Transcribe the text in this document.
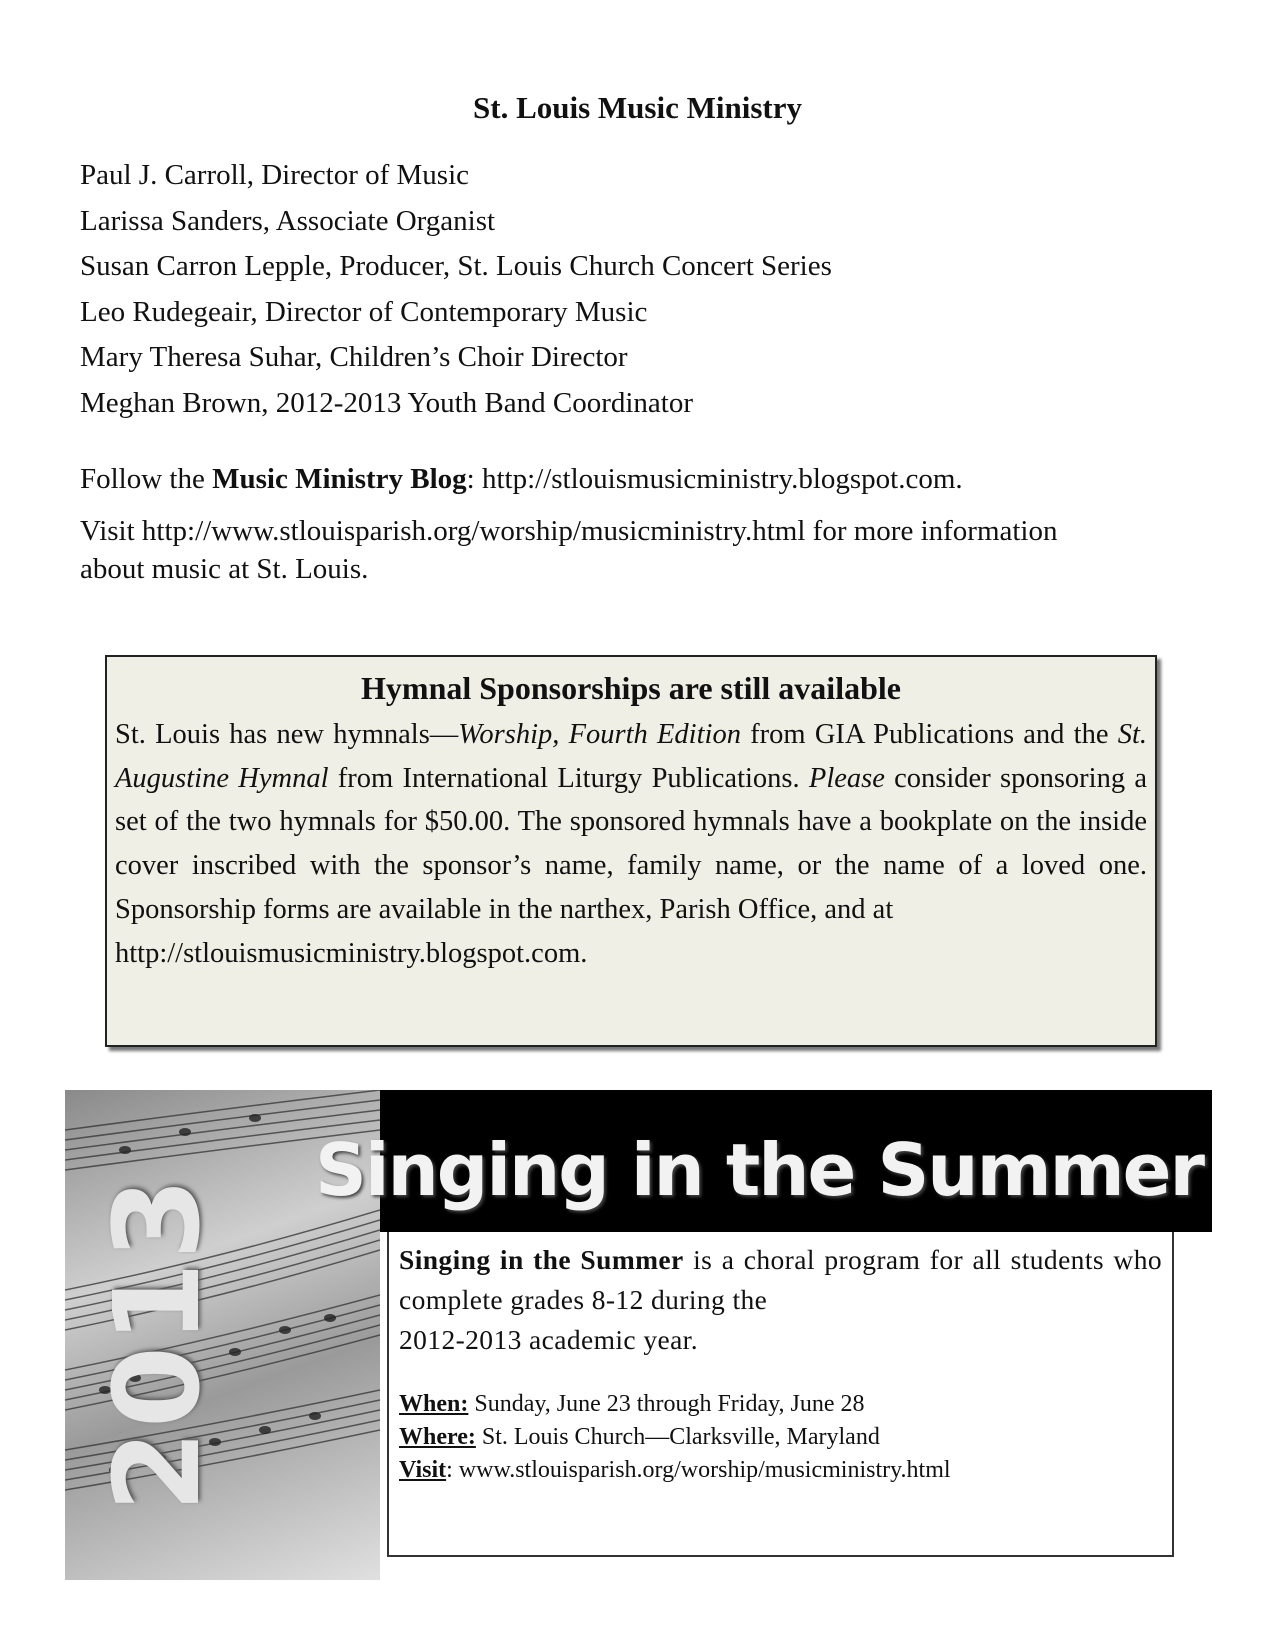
St. Louis Music Ministry
Paul J. Carroll, Director of Music
Larissa Sanders, Associate Organist
Susan Carron Lepple, Producer, St. Louis Church Concert Series
Leo Rudegeair, Director of Contemporary Music
Mary Theresa Suhar, Children’s Choir Director
Meghan Brown, 2012-2013 Youth Band Coordinator

Follow the Music Ministry Blog: http://stlouismusicministry.blogspot.com.

Visit http://www.stlouisparish.org/worship/musicministry.html for more information about music at St. Louis.

Hymnal Sponsorships are still available

St. Louis has new hymnals—Worship, Fourth Edition from GIA Publications and the St. Augustine Hymnal from International Liturgy Publications. Please consider sponsoring a set of the two hymnals for $50.00. The sponsored hymnals have a bookplate on the inside cover inscribed with the sponsor’s name, family name, or the name of a loved one. Sponsorship forms are available in the narthex, Parish Office, and at
http://stlouismusicministry.blogspot.com.

2013

Singing in the Summer

Singing in the Summer is a choral program for all students who complete grades 8-12 during the
2012-2013 academic year.

When: Sunday, June 23 through Friday, June 28

Where: St. Louis Church—Clarksville, Maryland

Visit: www.stlouisparish.org/worship/musicministry.html
